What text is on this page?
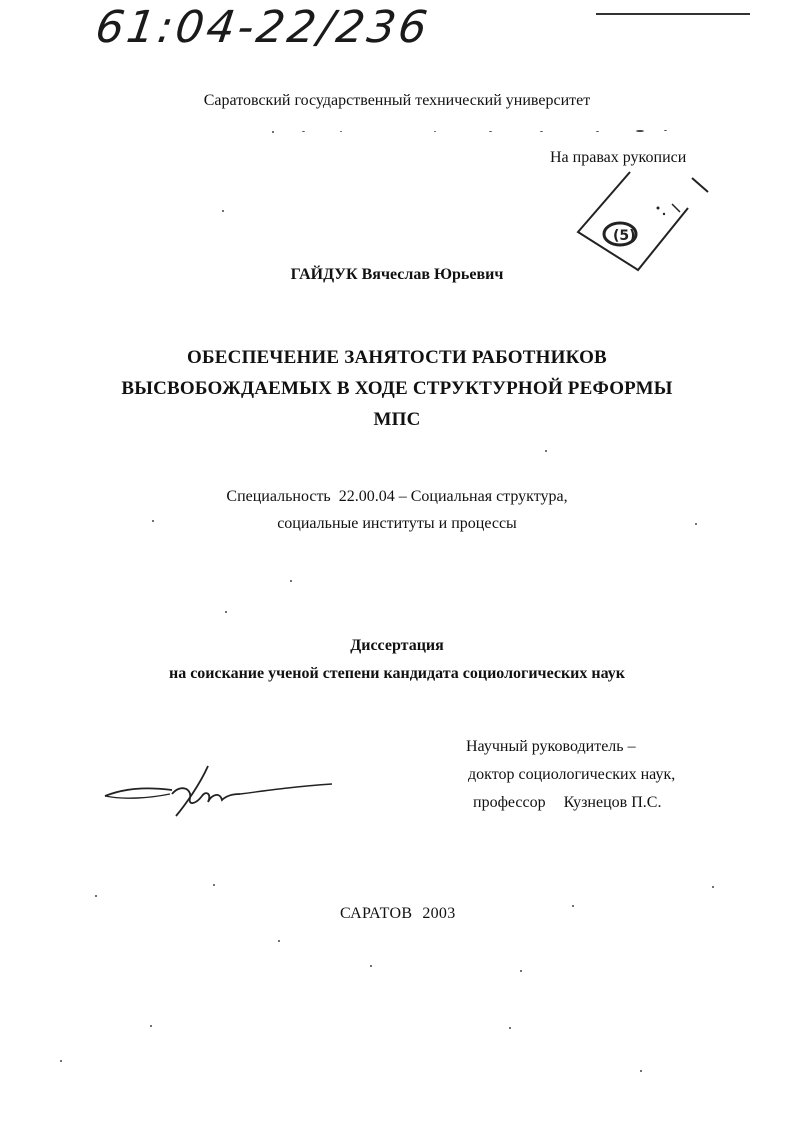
61:04-22/236
Саратовский государственный технический университет
На правах рукописи
(5)
ГАЙДУК Вячеслав Юрьевич
ОБЕСПЕЧЕНИЕ ЗАНЯТОСТИ РАБОТНИКОВ
ВЫСВОБОЖДАЕМЫХ В ХОДЕ СТРУКТУРНОЙ РЕФОРМЫ
МПС
Специальность 22.00.04 – Социальная структура,
социальные институты и процессы
Диссертация
на соискание ученой степени кандидата социологических наук
Научный руководитель –
доктор социологических наук,
профессор Кузнецов П.С.
САРАТОВ 2003
